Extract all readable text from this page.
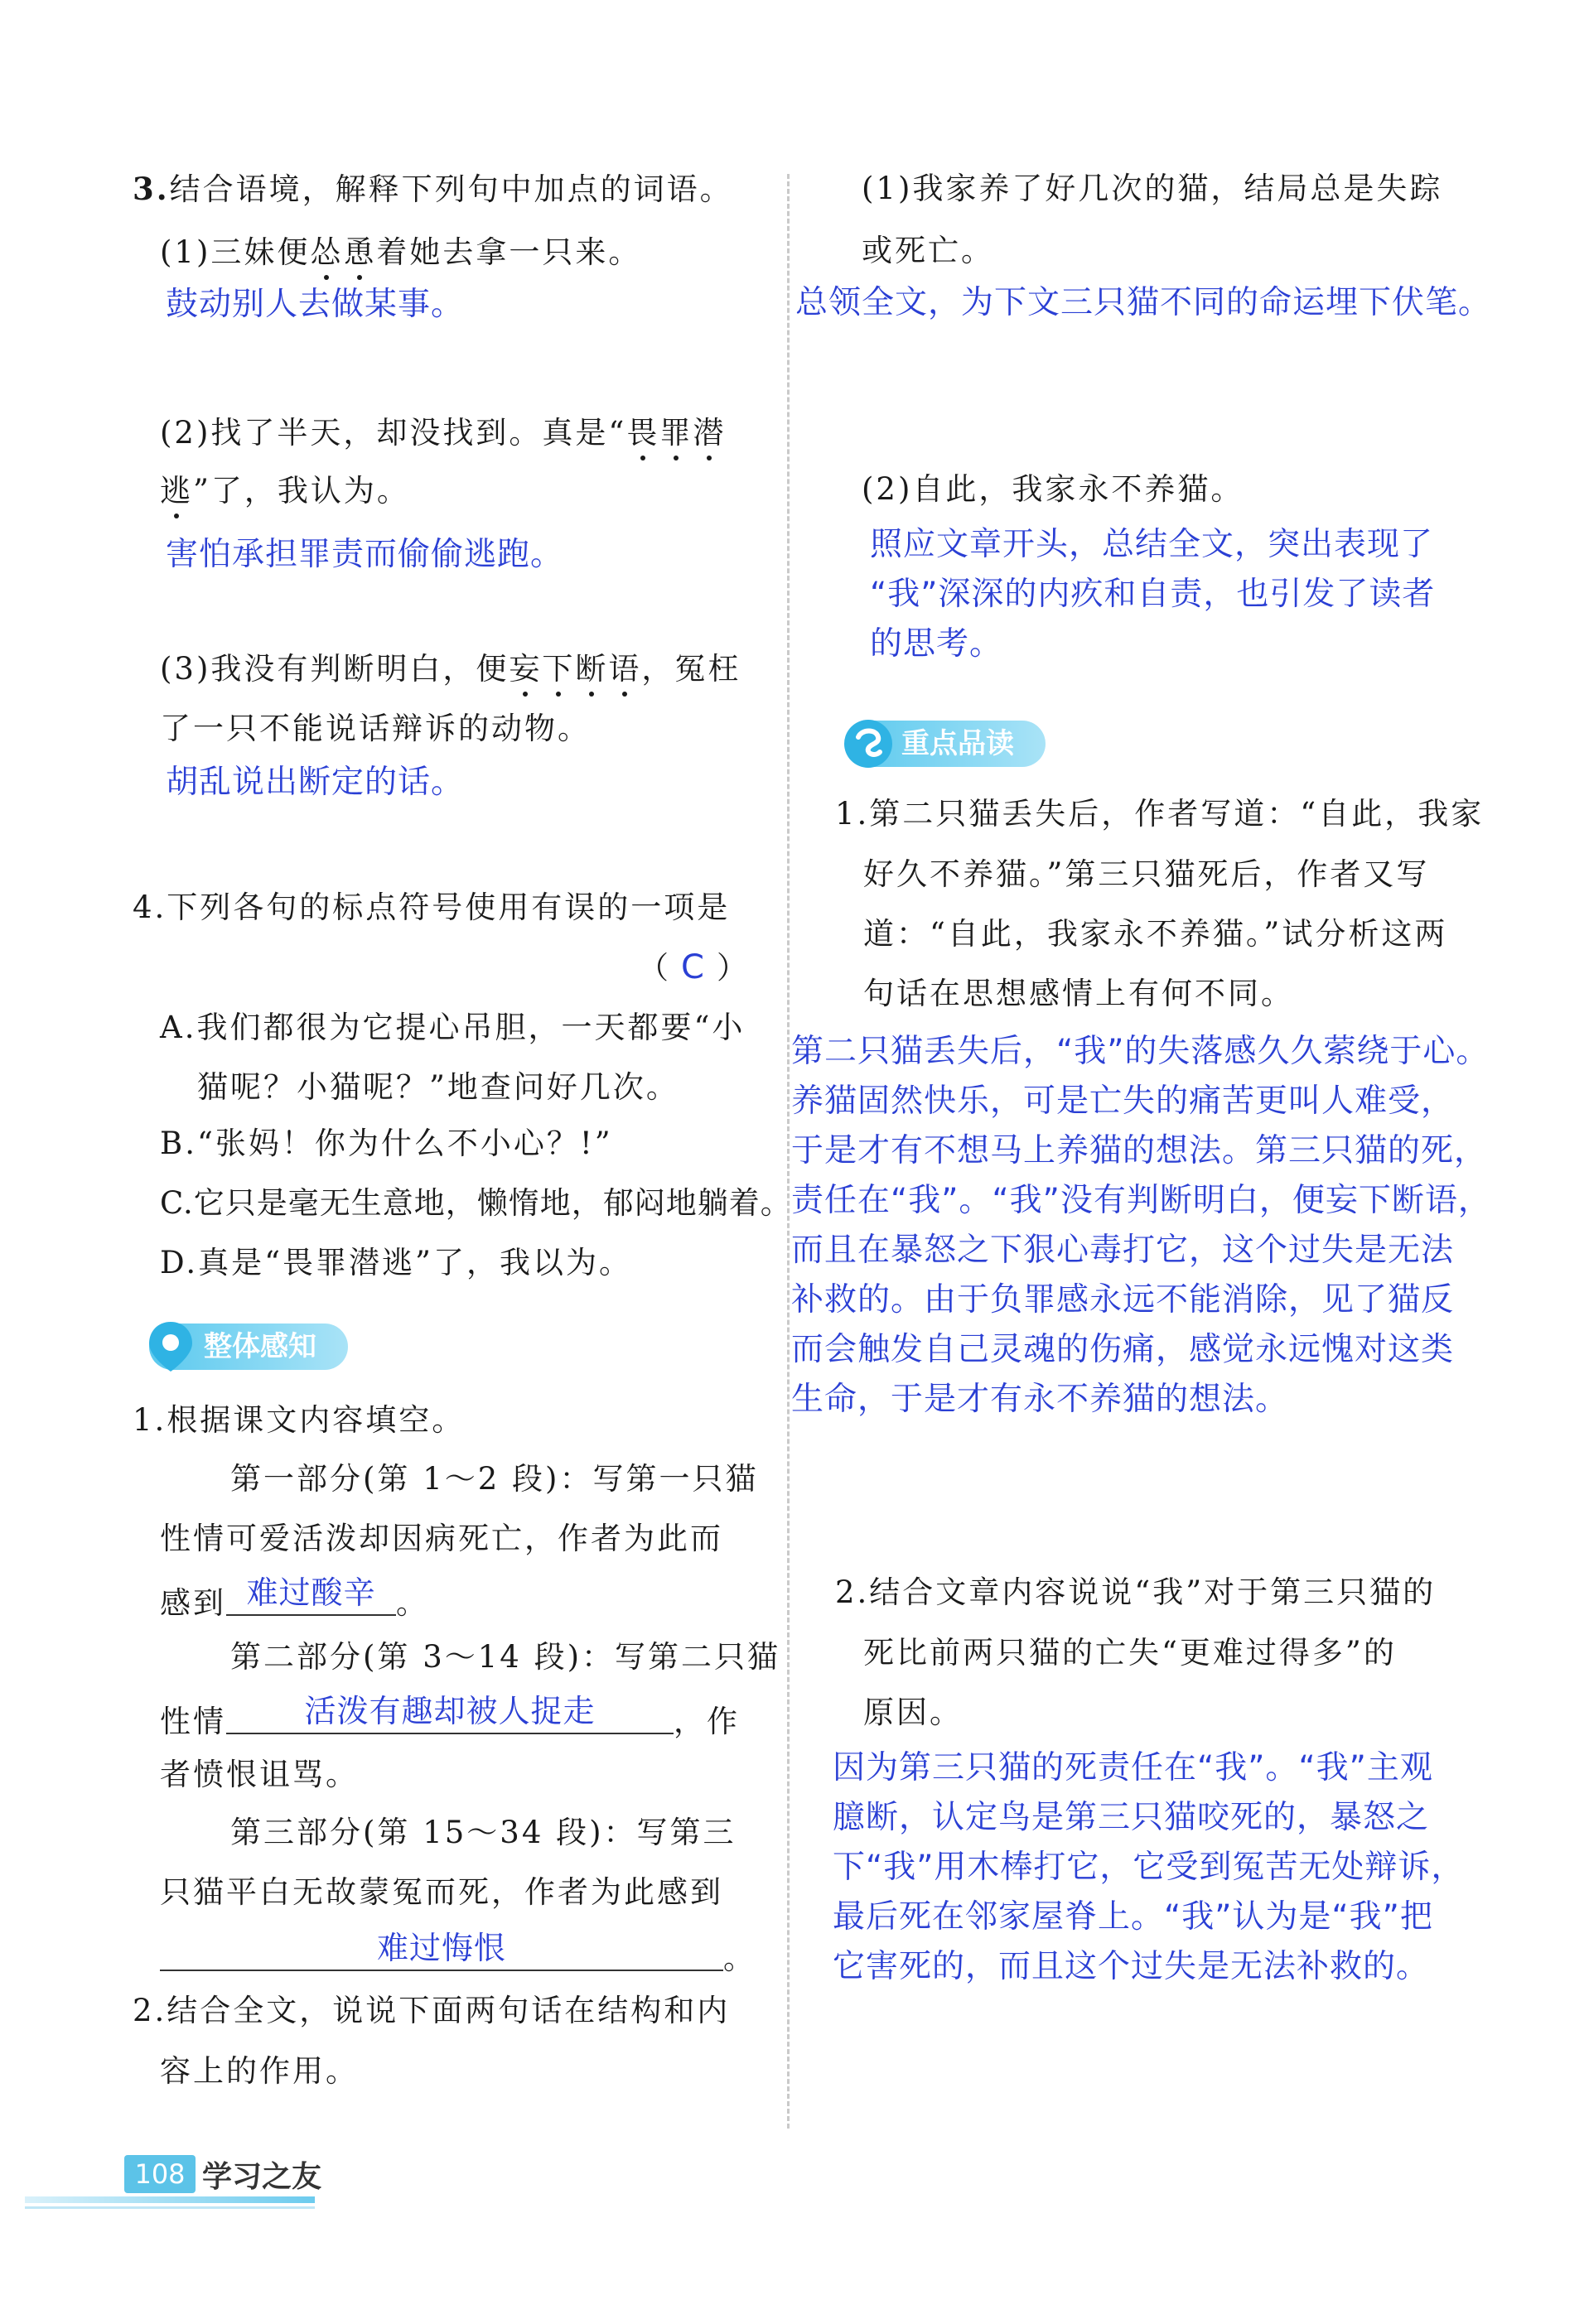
3.结合语境，解释下列句中加点的词语。
(1)三妹便怂恿着她去拿一只来。
鼓动别人去做某事。
(2)找了半天，却没找到。真是“畏罪潜
逃”了，我认为。
害怕承担罪责而偷偷逃跑。
(3)我没有判断明白，便妄下断语，冤枉
了一只不能说话辩诉的动物。
胡乱说出断定的话。
4.下列各句的标点符号使用有误的一项是
（ C ）
A.我们都很为它提心吊胆，一天都要“小
猫呢？小猫呢？”地查问好几次。
B.“张妈！你为什么不小心？!”
C.它只是毫无生意地，懒惰地，郁闷地躺着。
D.真是“畏罪潜逃”了，我以为。
整体感知
1.根据课文内容填空。
第一部分(第 1～2 段)：写第一只猫
性情可爱活泼却因病死亡，作者为此而
感到 难过酸辛 。
第二部分(第 3～14 段)：写第二只猫
性情 活泼有趣却被人捉走	，作
者愤恨诅骂。
第三部分(第 15～34 段)：写第三
只猫平白无故蒙冤而死，作者为此感到
难过悔恨	。
2.结合全文，说说下面两句话在结构和内
容上的作用。
(1)我家养了好几次的猫，结局总是失踪
或死亡。
总领全文，为下文三只猫不同的命运埋下伏笔。
(2)自此，我家永不养猫。
照应文章开头，总结全文，突出表现了
“我”深深的内疚和自责，也引发了读者
的思考。
重点品读
1.第二只猫丢失后，作者写道：“自此，我家
好久不养猫。”第三只猫死后，作者又写
道：“自此，我家永不养猫。”试分析这两
句话在思想感情上有何不同。
第二只猫丢失后，“我”的失落感久久萦绕于心。
养猫固然快乐，可是亡失的痛苦更叫人难受，
于是才有不想马上养猫的想法。第三只猫的死，
责任在“我”。“我”没有判断明白，便妄下断语，
而且在暴怒之下狠心毒打它，这个过失是无法
补救的。由于负罪感永远不能消除，见了猫反
而会触发自己灵魂的伤痛，感觉永远愧对这类
生命，于是才有永不养猫的想法。
2.结合文章内容说说“我”对于第三只猫的
死比前两只猫的亡失“更难过得多”的
原因。
因为第三只猫的死责任在“我”。“我”主观
臆断，认定鸟是第三只猫咬死的，暴怒之
下“我”用木棒打它，它受到冤苦无处辩诉，
最后死在邻家屋脊上。“我”认为是“我”把
它害死的，而且这个过失是无法补救的。
108 学习之友
